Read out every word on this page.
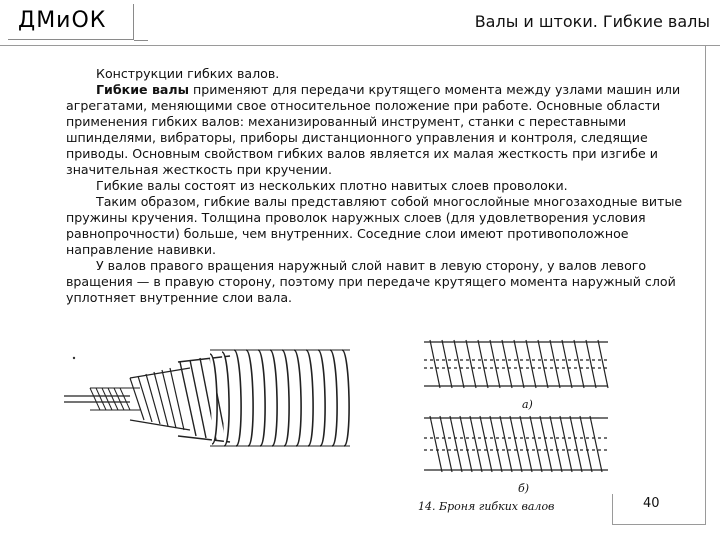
ДМиОК	Валы и штоки. Гибкие валы

Конструкции гибких валов.

Гибкие валы применяют для передачи крутящего момента между узлами машин или агрегатами, меняющими свое относительное положение при работе. Основные области применения гибких валов: механизированный инструмент, станки с переставными шпинделями, вибраторы, приборы дистанционного управления и контроля, следящие приводы. Основным свойством гибких валов является их малая жесткость при изгибе и значительная жесткость при кручении.

Гибкие валы состоят из нескольких плотно навитых слоев проволоки.

Таким образом, гибкие валы представляют собой многослойные многозаходные витые пружины кручения. Толщина проволок наружных слоев (для удовлетворения условия равнопрочности) больше, чем внутренних. Соседние слои имеют противоположное направление навивки.

У валов правого вращения наружный слой навит в левую сторону, у валов левого вращения — в правую сторону, поэтому при передаче крутящего момента наружный слой уплотняет внутренние слои вала.

а)
б)
14. Броня гибких валов	40
